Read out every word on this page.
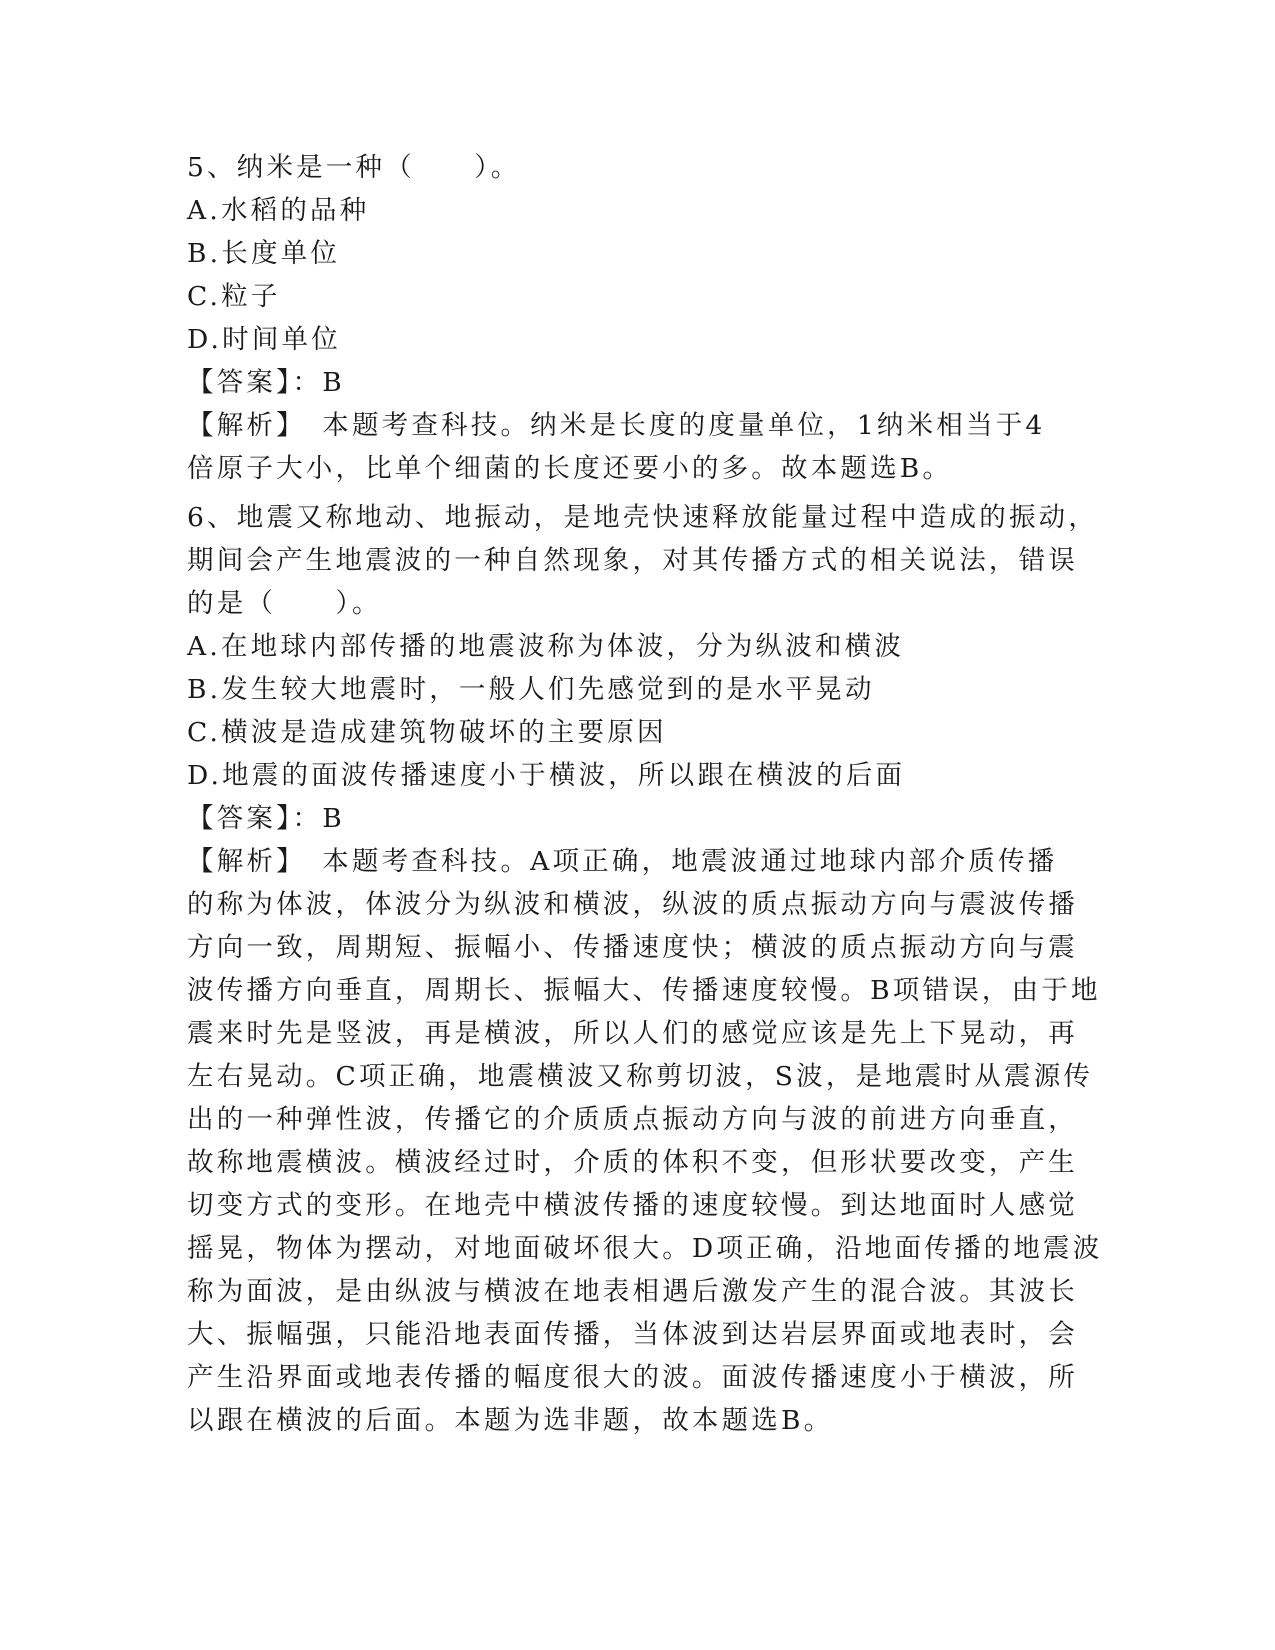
5、纳米是一种（　　）。

A.水稻的品种

B.长度单位

C.粒子

D.时间单位

【答案】：B

【解析】　本题考查科技。纳米是长度的度量单位，1纳米相当于4

倍原子大小，比单个细菌的长度还要小的多。故本题选B。

6、地震又称地动、地振动，是地壳快速释放能量过程中造成的振动，

期间会产生地震波的一种自然现象，对其传播方式的相关说法，错误

的是（　　）。

A.在地球内部传播的地震波称为体波，分为纵波和横波

B.发生较大地震时，一般人们先感觉到的是水平晃动

C.横波是造成建筑物破坏的主要原因

D.地震的面波传播速度小于横波，所以跟在横波的后面

【答案】：B

【解析】　本题考查科技。A项正确，地震波通过地球内部介质传播

的称为体波，体波分为纵波和横波，纵波的质点振动方向与震波传播

方向一致，周期短、振幅小、传播速度快；横波的质点振动方向与震

波传播方向垂直，周期长、振幅大、传播速度较慢。B项错误，由于地

震来时先是竖波，再是横波，所以人们的感觉应该是先上下晃动，再

左右晃动。C项正确，地震横波又称剪切波，S波，是地震时从震源传

出的一种弹性波，传播它的介质质点振动方向与波的前进方向垂直，

故称地震横波。横波经过时，介质的体积不变，但形状要改变，产生

切变方式的变形。在地壳中横波传播的速度较慢。到达地面时人感觉

摇晃，物体为摆动，对地面破坏很大。D项正确，沿地面传播的地震波

称为面波，是由纵波与横波在地表相遇后激发产生的混合波。其波长

大、振幅强，只能沿地表面传播，当体波到达岩层界面或地表时，会

产生沿界面或地表传播的幅度很大的波。面波传播速度小于横波，所

以跟在横波的后面。本题为选非题，故本题选B。
